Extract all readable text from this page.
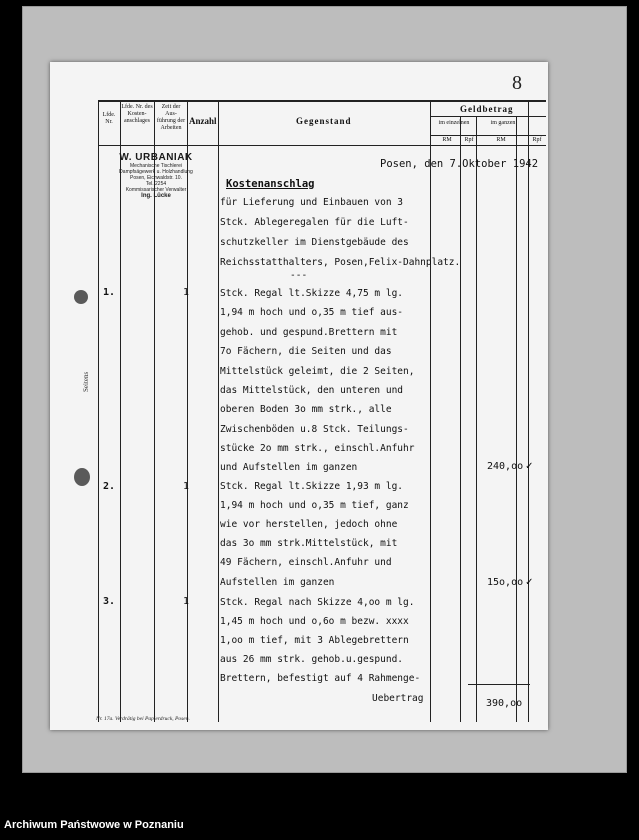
8
Lfde. Nr.
Lfde. Nr. des Kosten-anschlages
Zeit der Aus-führung der Arbeiten
Anzahl	Gegenstand
Geldbetrag
im einzelnen	im ganzen
RM	Rpf	RM	Rpf
W. URBANIAK
Mechanische Tischlerei
Dampfsägewerk u. Holzhandlung
Posen, Eichwaldstr. 10.
Tel. 2254
Kommissarischer Verwalter
Ing. Lücke
Posen, den 7.Oktober 1942
Kostenanschlag
für Lieferung und Einbauen von 3
Stck. Ablegeregalen für die Luft-
schutzkeller im Dienstgebäude des
Reichsstatthalters, Posen,Felix-Dahnplatz.
---
1.	1	Stck. Regal lt.Skizze 4,75 m lg.
1,94 m hoch und o,35 m tief aus-
gehob. und gespund.Brettern mit
7o Fächern, die Seiten und das
Mittelstück geleimt, die 2 Seiten,
das Mittelstück, den unteren und
oberen Boden 3o mm strk., alle
Zwischenböden u.8 Stck. Teilungs-
stücke 2o mm strk., einschl.Anfuhr
und Aufstellen im ganzen	240,oo ✓
2.	1	Stck. Regal lt.Skizze 1,93 m lg.
1,94 m hoch und o,35 m tief, ganz
wie vor herstellen, jedoch ohne
das 3o mm strk.Mittelstück, mit
49 Fächern, einschl.Anfuhr und
Aufstellen im ganzen	15o,oo ✓
3.	1	Stck. Regal nach Skizze 4,oo m lg.
1,45 m hoch und o,6o m bezw. xxxx
1,oo m tief, mit 3 Ablegebrettern
aus 26 mm strk. gehob.u.gespund.
Brettern, befestigt auf 4 Rahmenge-
Uebertrag	390,oo
Seitens
Nr. 17a. Verdrätig bei Papierdruck, Posen.
Archiwum Państwowe w Poznaniu
